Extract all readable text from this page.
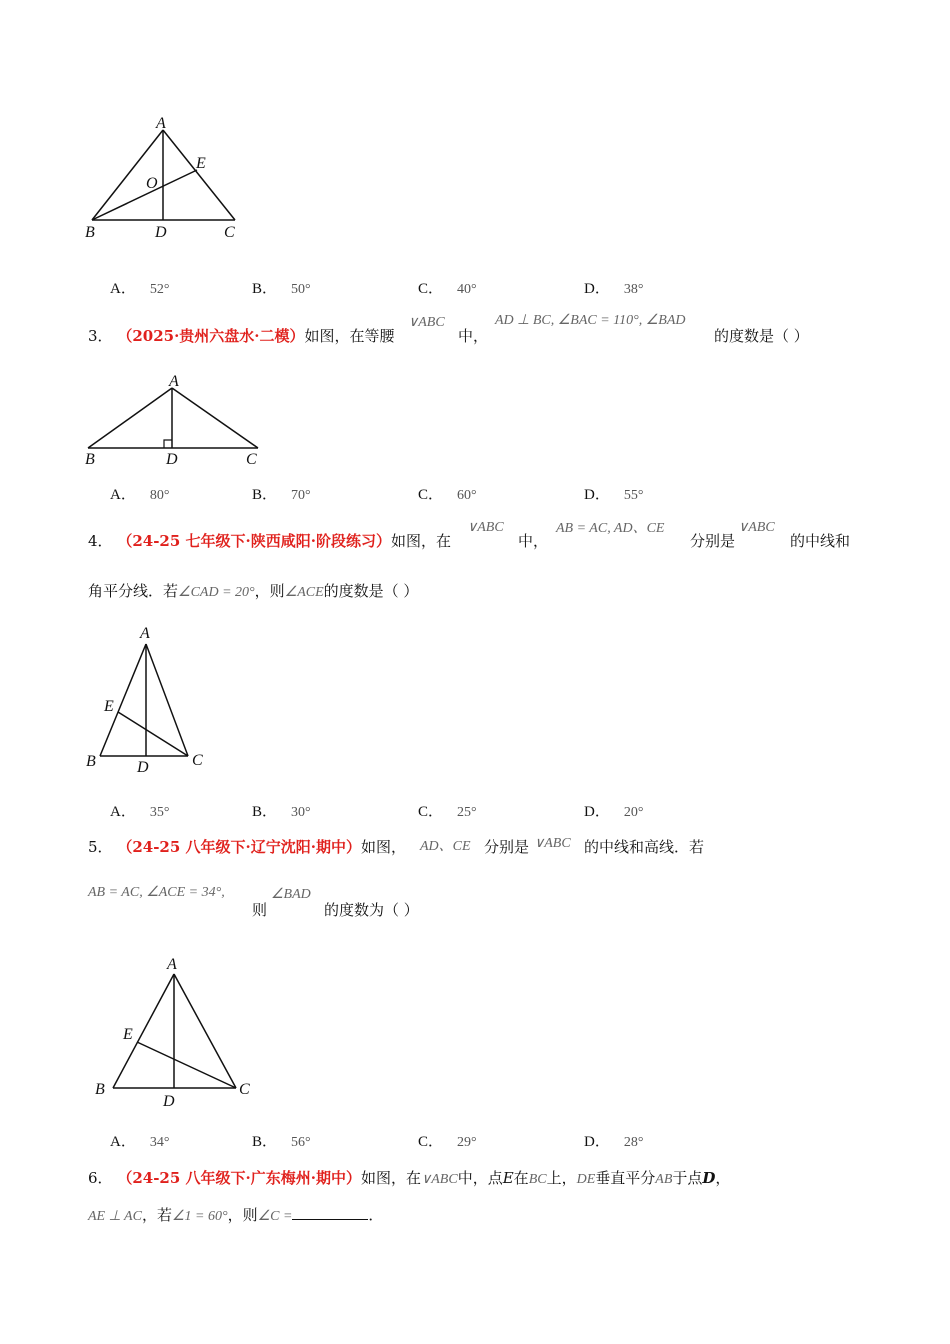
A
E
O
B	D	C
A． 52°	B． 50°	C． 40°	D． 38°
3． （2025·贵州六盘水·二模）如图，在等腰
∨ABC
中，
AD ⊥ BC, ∠BAC = 110°, ∠BAD
的度数是（ ）
A
B	D	C
A． 80°	B． 70°	C． 60°	D． 55°
4． （24-25 七年级下·陕西咸阳·阶段练习）如图，在
∨ABC
中，
AB = AC, AD、CE
分别是
∨ABC
的中线和
角平分线．若∠CAD = 20°，则∠ACE的度数是（ ）
A
E
B	D	C
A． 35°	B． 30°	C． 25°	D． 20°
5． （24-25 八年级下·辽宁沈阳·期中）如图， AD、CE 分别是 ∨ABC 的中线和高线．若
AB = AC, ∠ACE = 34°,
则
∠BAD
的度数为（ ）
A
E
B
D
C
A． 34°	B． 56°	C． 29°	D． 28°
6． （24-25 八年级下·广东梅州·期中）如图，在∨ABC中，点E在BC上，DE垂直平分AB于点D，
AE ⊥ AC，若∠1 = 60°，则∠C =	．
